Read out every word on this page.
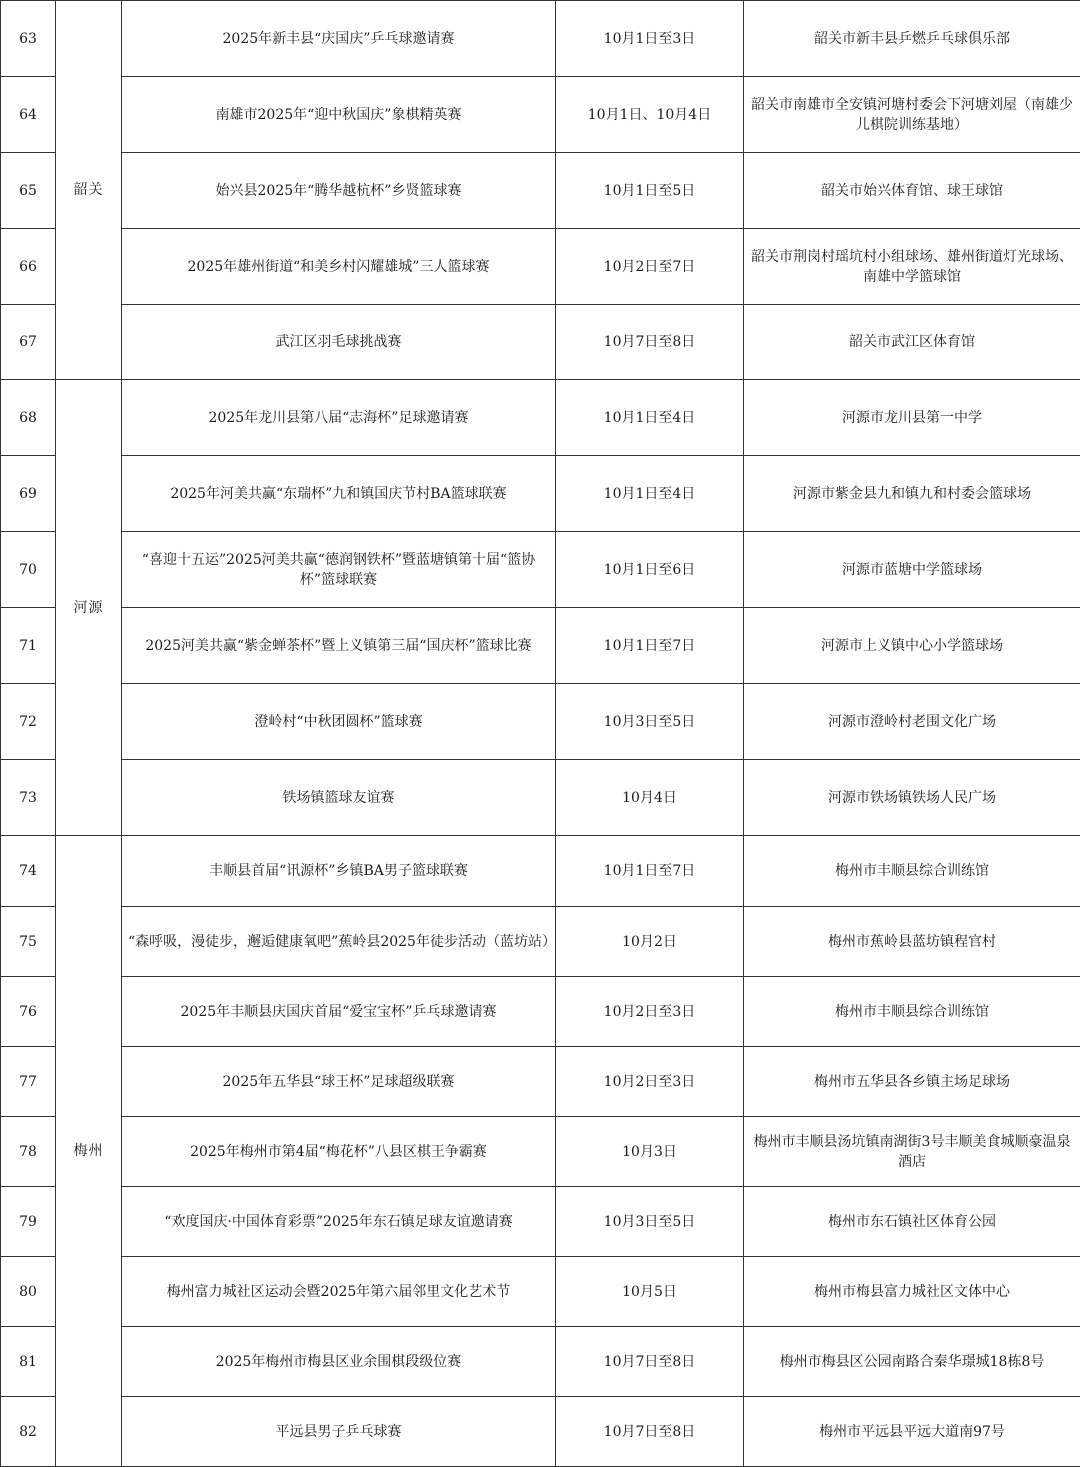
63	韶关	2025年新丰县“庆国庆”乒乓球邀请赛	10月1日至3日	韶关市新丰县乒燃乒乓球俱乐部
64		南雄市2025年“迎中秋国庆”象棋精英赛	10月1日、10月4日	韶关市南雄市全安镇河塘村委会下河塘刘屋（南雄少儿棋院训练基地）
65		始兴县2025年“腾华越杭杯”乡贤篮球赛	10月1日至5日	韶关市始兴体育馆、球王球馆
66		2025年雄州街道“和美乡村闪耀雄城”三人篮球赛	10月2日至7日	韶关市荆岗村瑶坑村小组球场、雄州街道灯光球场、南雄中学篮球馆
67		武江区羽毛球挑战赛	10月7日至8日	韶关市武江区体育馆
68	河源	2025年龙川县第八届“志海杯”足球邀请赛	10月1日至4日	河源市龙川县第一中学
69		2025年河美共赢“东瑞杯”九和镇国庆节村BA篮球联赛	10月1日至4日	河源市紫金县九和镇九和村委会篮球场
70		“喜迎十五运”2025河美共赢“德润钢铁杯”暨蓝塘镇第十届“篮协杯”篮球联赛	10月1日至6日	河源市蓝塘中学篮球场
71		2025河美共赢“紫金蝉茶杯”暨上义镇第三届“国庆杯”篮球比赛	10月1日至7日	河源市上义镇中心小学篮球场
72		澄岭村“中秋团圆杯”篮球赛	10月3日至5日	河源市澄岭村老围文化广场
73		铁场镇篮球友谊赛	10月4日	河源市铁场镇铁场人民广场
74	梅州	丰顺县首届“讯源杯”乡镇BA男子篮球联赛	10月1日至7日	梅州市丰顺县综合训练馆
75		“森呼吸，漫徒步，邂逅健康氧吧”蕉岭县2025年徒步活动（蓝坊站）	10月2日	梅州市蕉岭县蓝坊镇程官村
76		2025年丰顺县庆国庆首届“爱宝宝杯”乒乓球邀请赛	10月2日至3日	梅州市丰顺县综合训练馆
77		2025年五华县“球王杯”足球超级联赛	10月2日至3日	梅州市五华县各乡镇主场足球场
78		2025年梅州市第4届“梅花杯”八县区棋王争霸赛	10月3日	梅州市丰顺县汤坑镇南湖街3号丰顺美食城顺豪温泉酒店
79		“欢度国庆·中国体育彩票”2025年东石镇足球友谊邀请赛	10月3日至5日	梅州市东石镇社区体育公园
80		梅州富力城社区运动会暨2025年第六届邻里文化艺术节	10月5日	梅州市梅县富力城社区文体中心
81		2025年梅州市梅县区业余围棋段级位赛	10月7日至8日	梅州市梅县区公园南路合秦华璟城18栋8号
82		平远县男子乒乓球赛	10月7日至8日	梅州市平远县平远大道南97号
